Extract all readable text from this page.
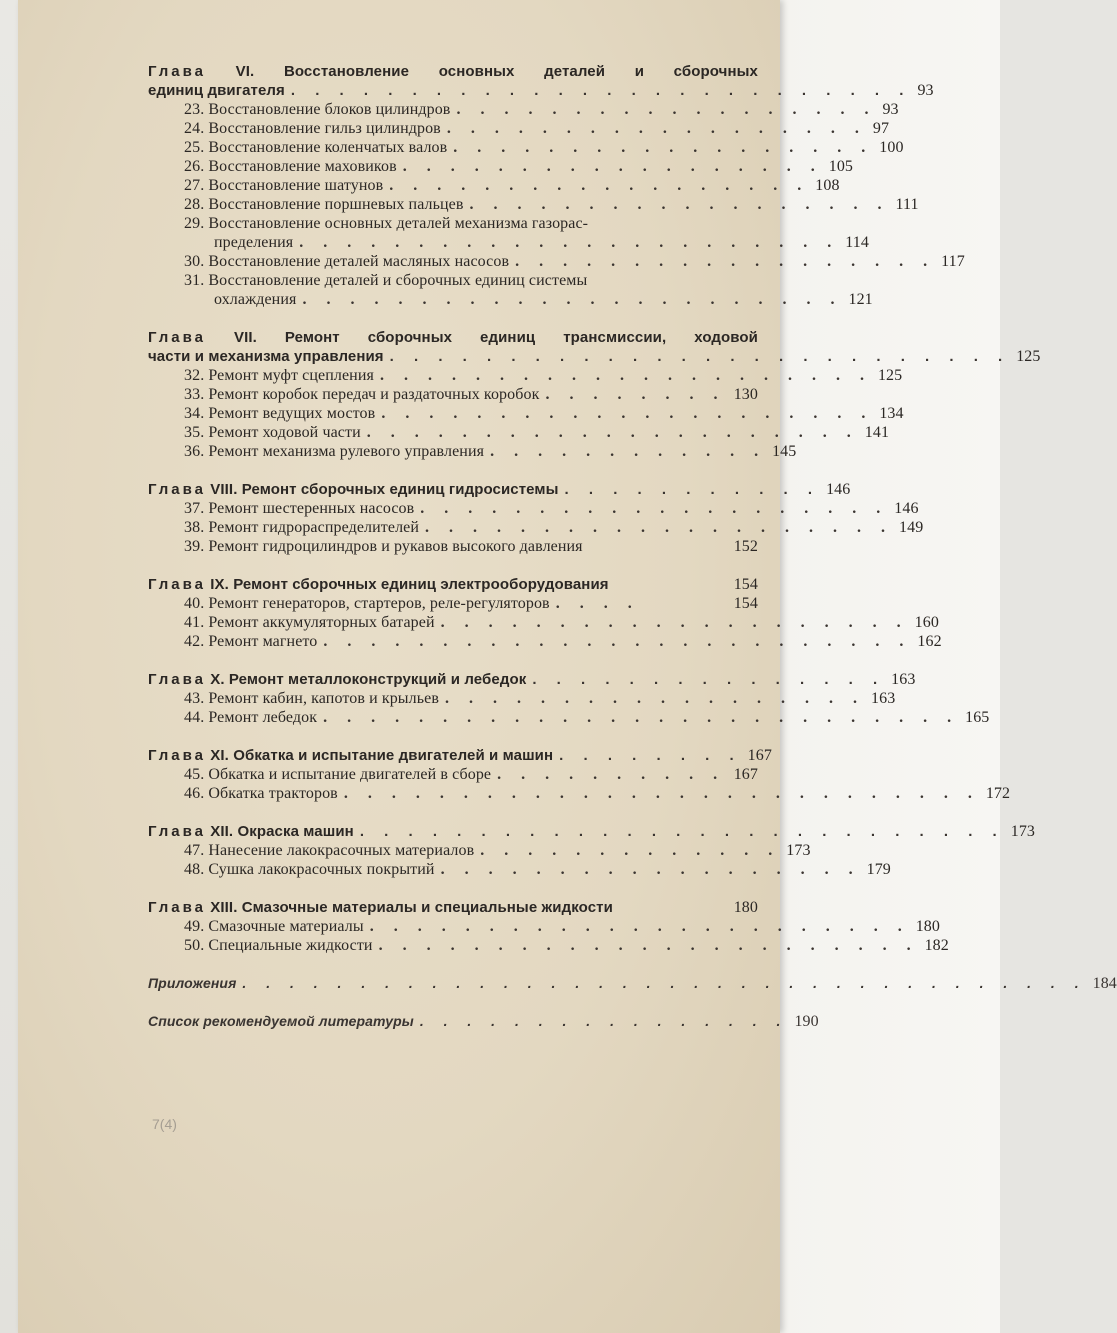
Глава VI. Восстановление основных деталей и сборочных
единиц двигателя . . . . . . . . . . . . . . . . . . . . . . . . . . 93
23. Восстановление блоков цилиндров . . . . . . . . . . . . . . . . . . 93
24. Восстановление гильз цилиндров . . . . . . . . . . . . . . . . . . 97
25. Восстановление коленчатых валов . . . . . . . . . . . . . . . . . . 100
26. Восстановление маховиков . . . . . . . . . . . . . . . . . . 105
27. Восстановление шатунов . . . . . . . . . . . . . . . . . . 108
28. Восстановление поршневых пальцев . . . . . . . . . . . . . . . . . . 111
29. Восстановление основных деталей механизма газорас-
пределения . . . . . . . . . . . . . . . . . . . . . . . 114
30. Восстановление деталей масляных насосов . . . . . . . . . . . . . . . . . . 117
31. Восстановление деталей и сборочных единиц системы
охлаждения . . . . . . . . . . . . . . . . . . . . . . . 121
Глава VII. Ремонт сборочных единиц трансмиссии, ходовой
части и механизма управления . . . . . . . . . . . . . . . . . . . . . . . . . . 125
32. Ремонт муфт сцепления . . . . . . . . . . . . . . . . . . . . . 125
33. Ремонт коробок передач и раздаточных коробок . . . . . . . . 130
34. Ремонт ведущих мостов . . . . . . . . . . . . . . . . . . . . . 134
35. Ремонт ходовой части . . . . . . . . . . . . . . . . . . . . . 141
36. Ремонт механизма рулевого управления . . . . . . . . . . . . 145
Глава VIII. Ремонт сборочных единиц гидросистемы . . . . . . . . . . . 146
37. Ремонт шестеренных насосов . . . . . . . . . . . . . . . . . . . . 146
38. Ремонт гидрораспределителей . . . . . . . . . . . . . . . . . . . . 149
39. Ремонт гидроцилиндров и рукавов высокого давления	152
Глава IX. Ремонт сборочных единиц электрооборудования	154
40. Ремонт генераторов, стартеров, реле-регуляторов . . . .	154
41. Ремонт аккумуляторных батарей . . . . . . . . . . . . . . . . . . . . 160
42. Ремонт магнето . . . . . . . . . . . . . . . . . . . . . . . . . 162
Глава X. Ремонт металлоконструкций и лебедок . . . . . . . . . . . . . . . 163
43. Ремонт кабин, капотов и крыльев . . . . . . . . . . . . . . . . . . 163
44. Ремонт лебедок . . . . . . . . . . . . . . . . . . . . . . . . . . . 165
Глава XI. Обкатка и испытание двигателей и машин . . . . . . . . 167
45. Обкатка и испытание двигателей в сборе . . . . . . . . . . 167
46. Обкатка тракторов . . . . . . . . . . . . . . . . . . . . . . . . . . . 172
Глава XII. Окраска машин . . . . . . . . . . . . . . . . . . . . . . . . . . . 173
47. Нанесение лакокрасочных материалов . . . . . . . . . . . . . 173
48. Сушка лакокрасочных покрытий . . . . . . . . . . . . . . . . . . 179
Глава XIII. Смазочные материалы и специальные жидкости	180
49. Смазочные материалы . . . . . . . . . . . . . . . . . . . . . . . 180
50. Специальные жидкости . . . . . . . . . . . . . . . . . . . . . . . 182
Приложения . . . . . . . . . . . . . . . . . . . . . . . . . . . . . . . . . . . . 184
Список рекомендуемой литературы . . . . . . . . . . . . . . . . 190
7(4)
